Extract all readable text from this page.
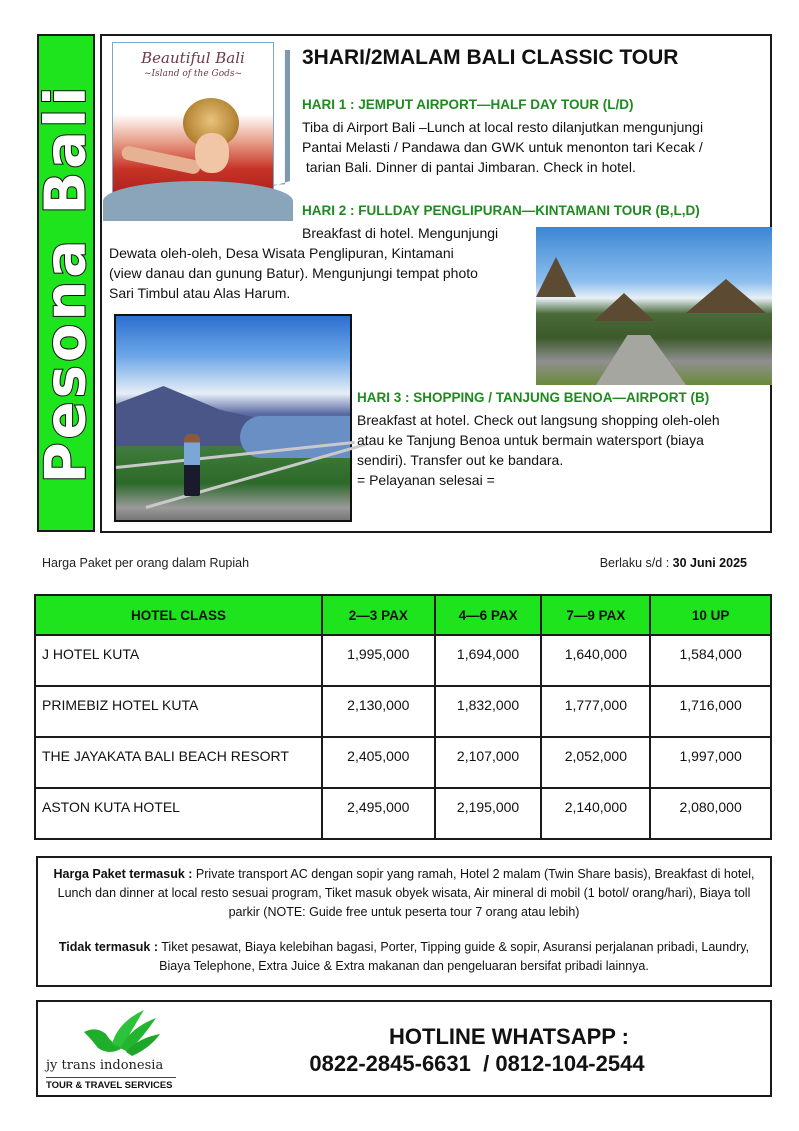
Pesona Bali
Beautiful Bali
~Island of the Gods~
3HARI/2MALAM BALI CLASSIC TOUR
HARI 1 : JEMPUT AIRPORT—HALF DAY TOUR (L/D)
Tiba di Airport Bali –Lunch at local resto dilanjutkan mengunjungi
Pantai Melasti / Pandawa dan GWK untuk menonton tari Kecak /
tarian Bali. Dinner di pantai Jimbaran. Check in hotel.
HARI 2 : FULLDAY PENGLIPURAN—KINTAMANI TOUR (B,L,D)
Breakfast di hotel. Mengunjungi
Dewata oleh-oleh, Desa Wisata Penglipuran, Kintamani
(view danau dan gunung Batur). Mengunjungi tempat photo
Sari Timbul atau Alas Harum.
HARI 3 : SHOPPING / TANJUNG BENOA—AIRPORT (B)
Breakfast at hotel. Check out langsung shopping oleh-oleh
atau ke Tanjung Benoa untuk bermain watersport (biaya
sendiri). Transfer out ke bandara.
= Pelayanan selesai =
Harga Paket per orang dalam Rupiah	Berlaku s/d : 30 Juni 2025
HOTEL CLASS	2—3 PAX	4—6 PAX	7—9 PAX	10 UP
J HOTEL KUTA	1,995,000	1,694,000	1,640,000	1,584,000
PRIMEBIZ HOTEL KUTA	2,130,000	1,832,000	1,777,000	1,716,000
THE JAYAKATA BALI BEACH RESORT	2,405,000	2,107,000	2,052,000	1,997,000
ASTON KUTA HOTEL	2,495,000	2,195,000	2,140,000	2,080,000

Harga Paket termasuk : Private transport AC dengan sopir yang ramah, Hotel 2 malam (Twin Share basis), Breakfast di hotel, Lunch dan dinner at local resto sesuai program, Tiket masuk obyek wisata, Air mineral di mobil (1 botol/ orang/hari), Biaya toll parkir (NOTE: Guide free untuk peserta tour 7 orang atau lebih)

Tidak termasuk : Tiket pesawat, Biaya kelebihan bagasi, Porter, Tipping guide & sopir, Asuransi perjalanan pribadi, Laundry, Biaya Telephone, Extra Juice & Extra makanan dan pengeluaran bersifat pribadi lainnya.

jy trans indonesia
TOUR & TRAVEL SERVICES
HOTLINE WHATSAPP :
0822-2845-6631  / 0812-104-2544
